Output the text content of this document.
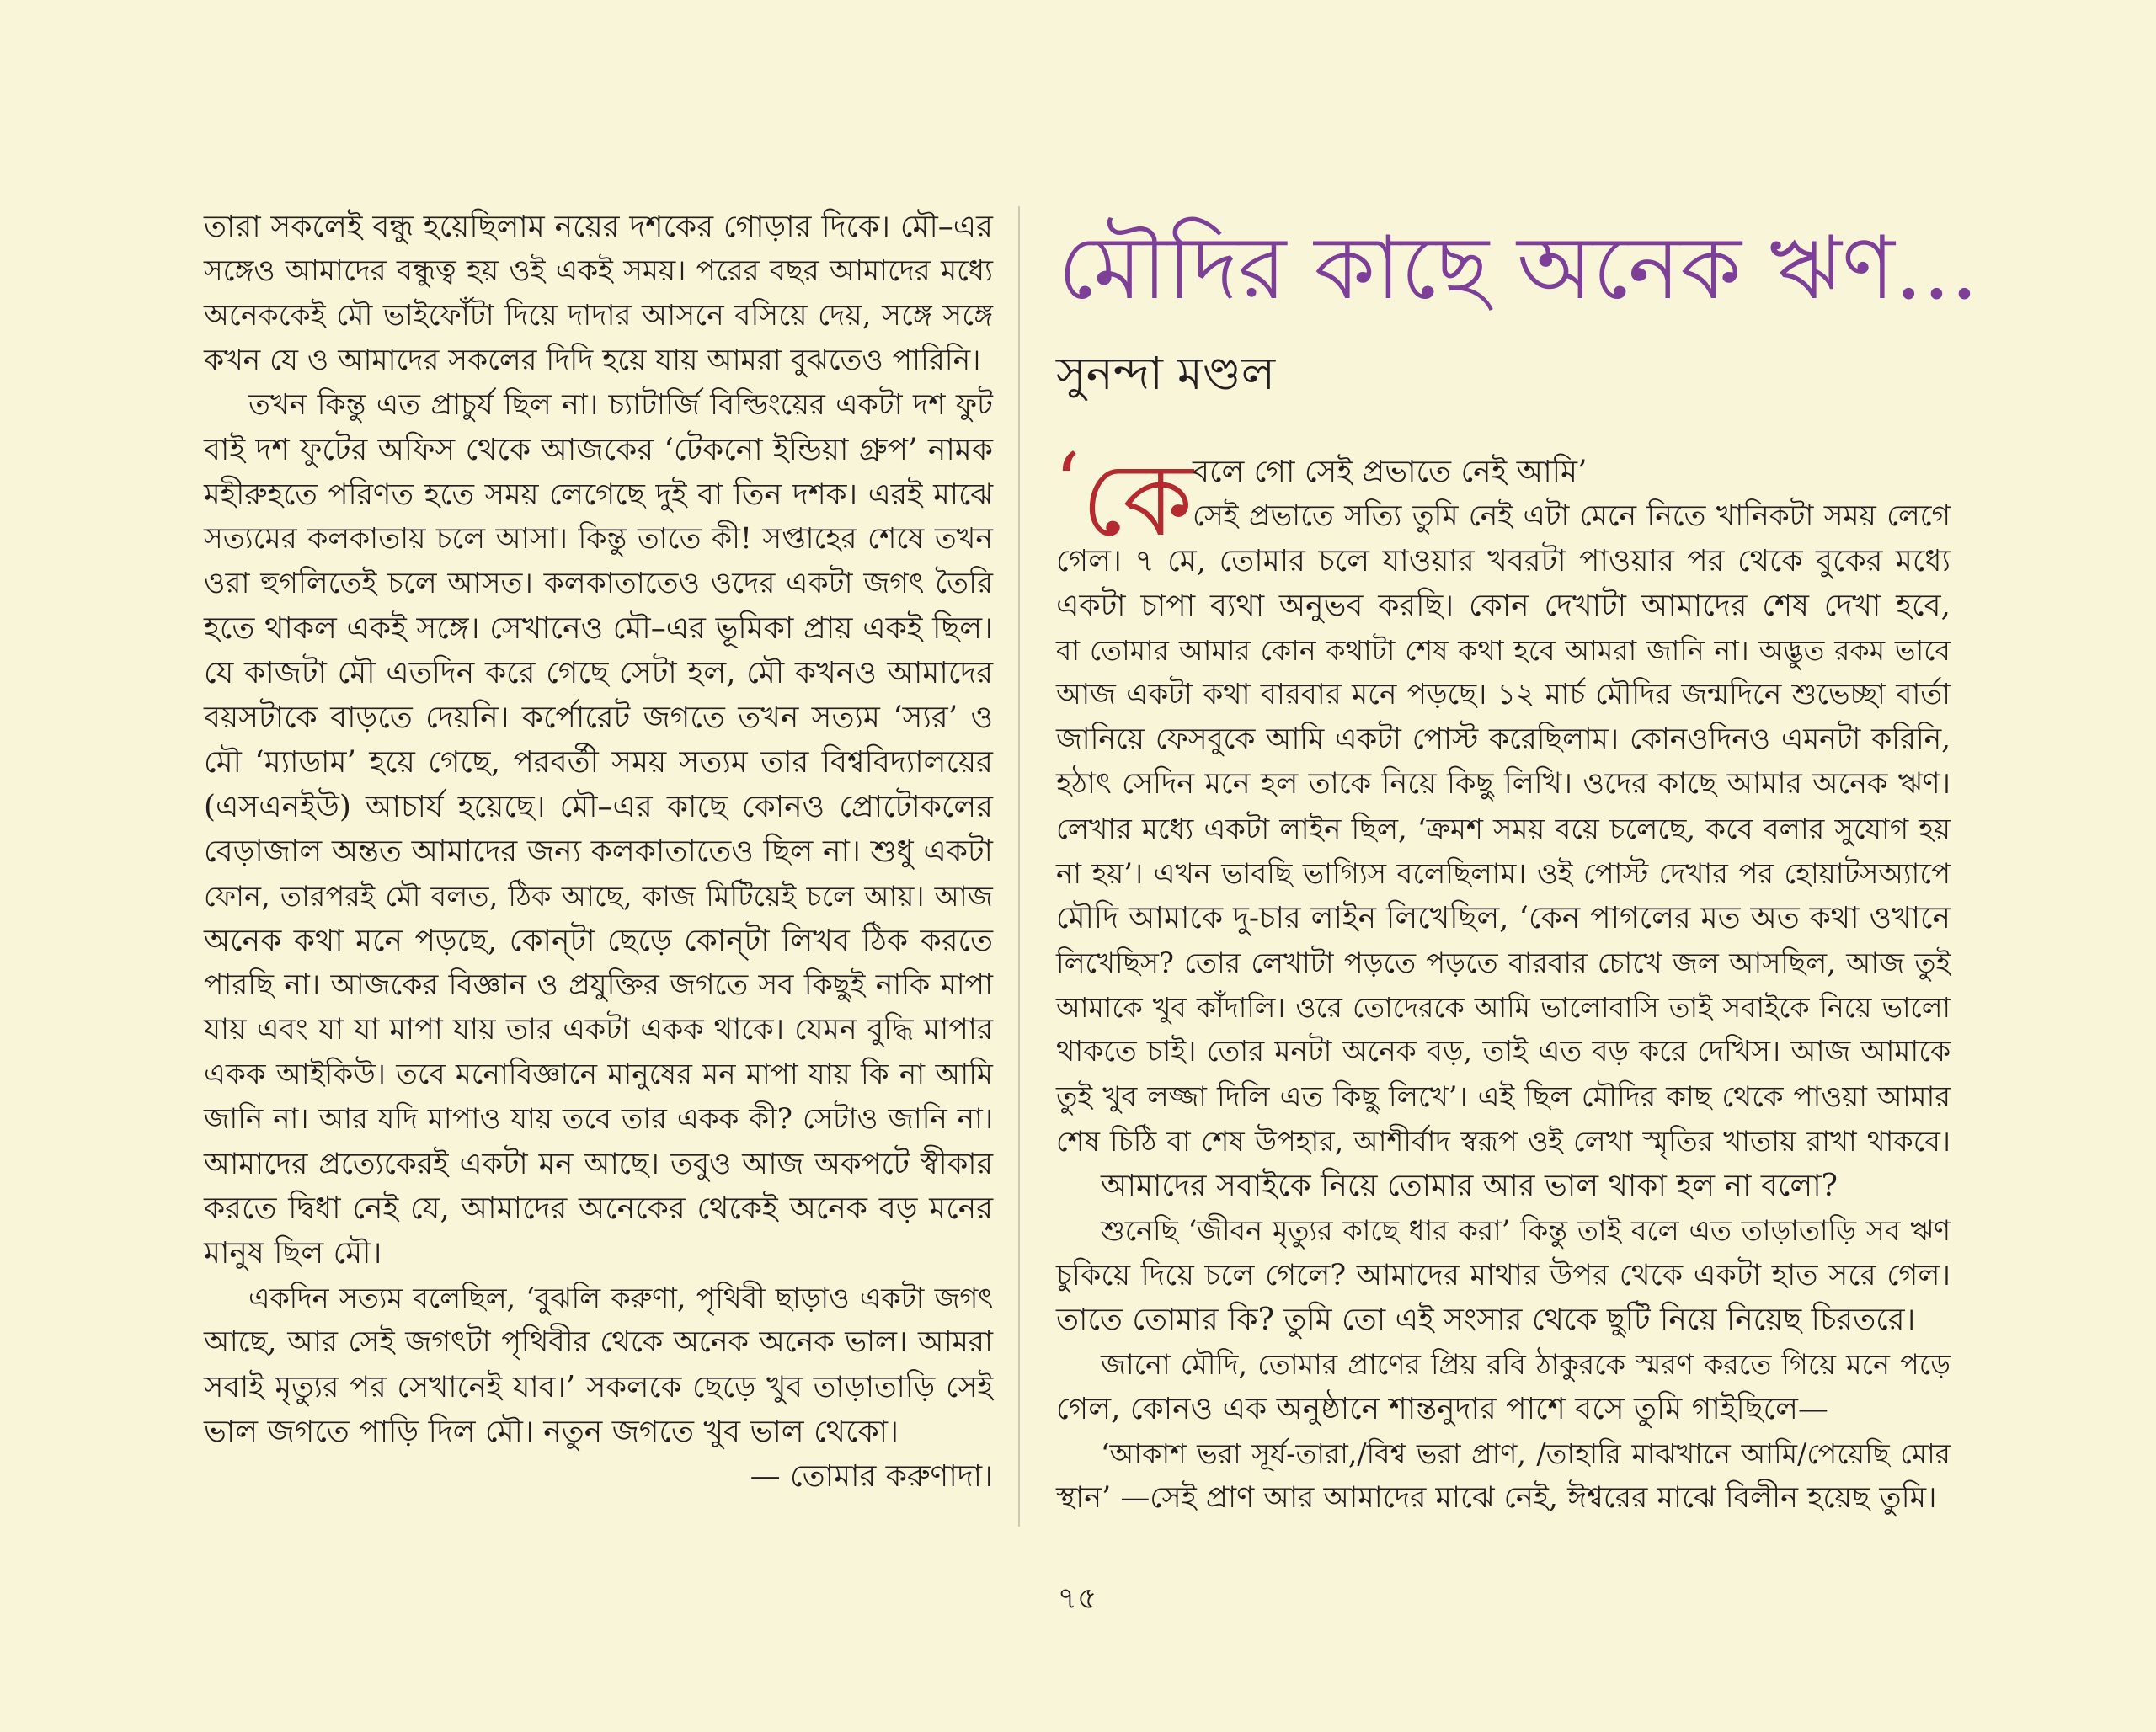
তারা সকলেই বন্ধু হয়েছিলাম নয়ের দশকের গোড়ার দিকে। মৌ–এর
সঙ্গেও আমাদের বন্ধুত্ব হয় ওই একই সময়। পরের বছর আমাদের মধ্যে
অনেককেই মৌ ভাইফোঁটা দিয়ে দাদার আসনে বসিয়ে দেয়, সঙ্গে সঙ্গে
কখন যে ও আমাদের সকলের দিদি হয়ে যায় আমরা বুঝতেও পারিনি।
তখন কিন্তু এত প্রাচুর্য ছিল না। চ্যাটার্জি বিল্ডিংয়ের একটা দশ ফুট
বাই দশ ফুটের অফিস থেকে আজকের ‘টেকনো ইন্ডিয়া গ্রুপ’ নামক
মহীরুহতে পরিণত হতে সময় লেগেছে দুই বা তিন দশক। এরই মাঝে
সত্যমের কলকাতায় চলে আসা। কিন্তু তাতে কী! সপ্তাহের শেষে তখন
ওরা হুগলিতেই চলে আসত। কলকাতাতেও ওদের একটা জগৎ তৈরি
হতে থাকল একই সঙ্গে। সেখানেও মৌ–এর ভূমিকা প্রায় একই ছিল।
যে কাজটা মৌ এতদিন করে গেছে সেটা হল, মৌ কখনও আমাদের
বয়সটাকে বাড়তে দেয়নি। কর্পোরেট জগতে তখন সত্যম ‘স্যর’ ও
মৌ ‘ম্যাডাম’ হয়ে গেছে, পরবর্তী সময় সত্যম তার বিশ্ববিদ্যালয়ের
(এসএনইউ) আচার্য হয়েছে। মৌ–এর কাছে কোনও প্রোটোকলের
বেড়াজাল অন্তত আমাদের জন্য কলকাতাতেও ছিল না। শুধু একটা
ফোন, তারপরই মৌ বলত, ঠিক আছে, কাজ মিটিয়েই চলে আয়। আজ
অনেক কথা মনে পড়ছে, কোন্‌টা ছেড়ে কোন্‌টা লিখব ঠিক করতে
পারছি না। আজকের বিজ্ঞান ও প্রযুক্তির জগতে সব কিছুই নাকি মাপা
যায় এবং যা যা মাপা যায় তার একটা একক থাকে। যেমন বুদ্ধি মাপার
একক আইকিউ। তবে মনোবিজ্ঞানে মানুষের মন মাপা যায় কি না আমি
জানি না। আর যদি মাপাও যায় তবে তার একক কী? সেটাও জানি না।
আমাদের প্রত্যেকেরই একটা মন আছে। তবুও আজ অকপটে স্বীকার
করতে দ্বিধা নেই যে, আমাদের অনেকের থেকেই অনেক বড় মনের
মানুষ ছিল মৌ।
একদিন সত্যম বলেছিল, ‘বুঝলি করুণা, পৃথিবী ছাড়াও একটা জগৎ
আছে, আর সেই জগৎটা পৃথিবীর থেকে অনেক অনেক ভাল। আমরা
সবাই মৃত্যুর পর সেখানেই যাব।’ সকলকে ছেড়ে খুব তাড়াতাড়ি সেই
ভাল জগতে পাড়ি দিল মৌ। নতুন জগতে খুব ভাল থেকো।
— তোমার করুণাদা।
মৌদির কাছে অনেক ঋণ...
সুনন্দা মণ্ডল
‘ কে বলে গো সেই প্রভাতে নেই আমি’
সেই প্রভাতে সত্যি তুমি নেই এটা মেনে নিতে খানিকটা সময় লেগে
গেল। ৭ মে, তোমার চলে যাওয়ার খবরটা পাওয়ার পর থেকে বুকের মধ্যে
একটা চাপা ব্যথা অনুভব করছি। কোন দেখাটা আমাদের শেষ দেখা হবে,
বা তোমার আমার কোন কথাটা শেষ কথা হবে আমরা জানি না। অদ্ভুত রকম ভাবে
আজ একটা কথা বারবার মনে পড়ছে। ১২ মার্চ মৌদির জন্মদিনে শুভেচ্ছা বার্তা
জানিয়ে ফেসবুকে আমি একটা পোস্ট করেছিলাম। কোনওদিনও এমনটা করিনি,
হঠাৎ সেদিন মনে হল তাকে নিয়ে কিছু লিখি। ওদের কাছে আমার অনেক ঋণ।
লেখার মধ্যে একটা লাইন ছিল, ‘ক্রমশ সময় বয়ে চলেছে, কবে বলার সুযোগ হয়
না হয়’। এখন ভাবছি ভাগ্যিস বলেছিলাম। ওই পোস্ট দেখার পর হোয়াটসঅ্যাপে
মৌদি আমাকে দু-চার লাইন লিখেছিল, ‘কেন পাগলের মত অত কথা ওখানে
লিখেছিস? তোর লেখাটা পড়তে পড়তে বারবার চোখে জল আসছিল, আজ তুই
আমাকে খুব কাঁদালি। ওরে তোদেরকে আমি ভালোবাসি তাই সবাইকে নিয়ে ভালো
থাকতে চাই। তোর মনটা অনেক বড়, তাই এত বড় করে দেখিস। আজ আমাকে
তুই খুব লজ্জা দিলি এত কিছু লিখে’। এই ছিল মৌদির কাছ থেকে পাওয়া আমার
শেষ চিঠি বা শেষ উপহার, আশীর্বাদ স্বরূপ ওই লেখা স্মৃতির খাতায় রাখা থাকবে।
আমাদের সবাইকে নিয়ে তোমার আর ভাল থাকা হল না বলো?
শুনেছি ‘জীবন মৃত্যুর কাছে ধার করা’ কিন্তু তাই বলে এত তাড়াতাড়ি সব ঋণ
চুকিয়ে দিয়ে চলে গেলে? আমাদের মাথার উপর থেকে একটা হাত সরে গেল।
তাতে তোমার কি? তুমি তো এই সংসার থেকে ছুটি নিয়ে নিয়েছ চিরতরে।
জানো মৌদি, তোমার প্রাণের প্রিয় রবি ঠাকুরকে স্মরণ করতে গিয়ে মনে পড়ে
গেল, কোনও এক অনুষ্ঠানে শান্তনুদার পাশে বসে তুমি গাইছিলে—
‘আকাশ ভরা সূর্য-তারা,/বিশ্ব ভরা প্রাণ, /তাহারি মাঝখানে আমি/পেয়েছি মোর
স্থান’ —সেই প্রাণ আর আমাদের মাঝে নেই, ঈশ্বরের মাঝে বিলীন হয়েছ তুমি।
৭৫
